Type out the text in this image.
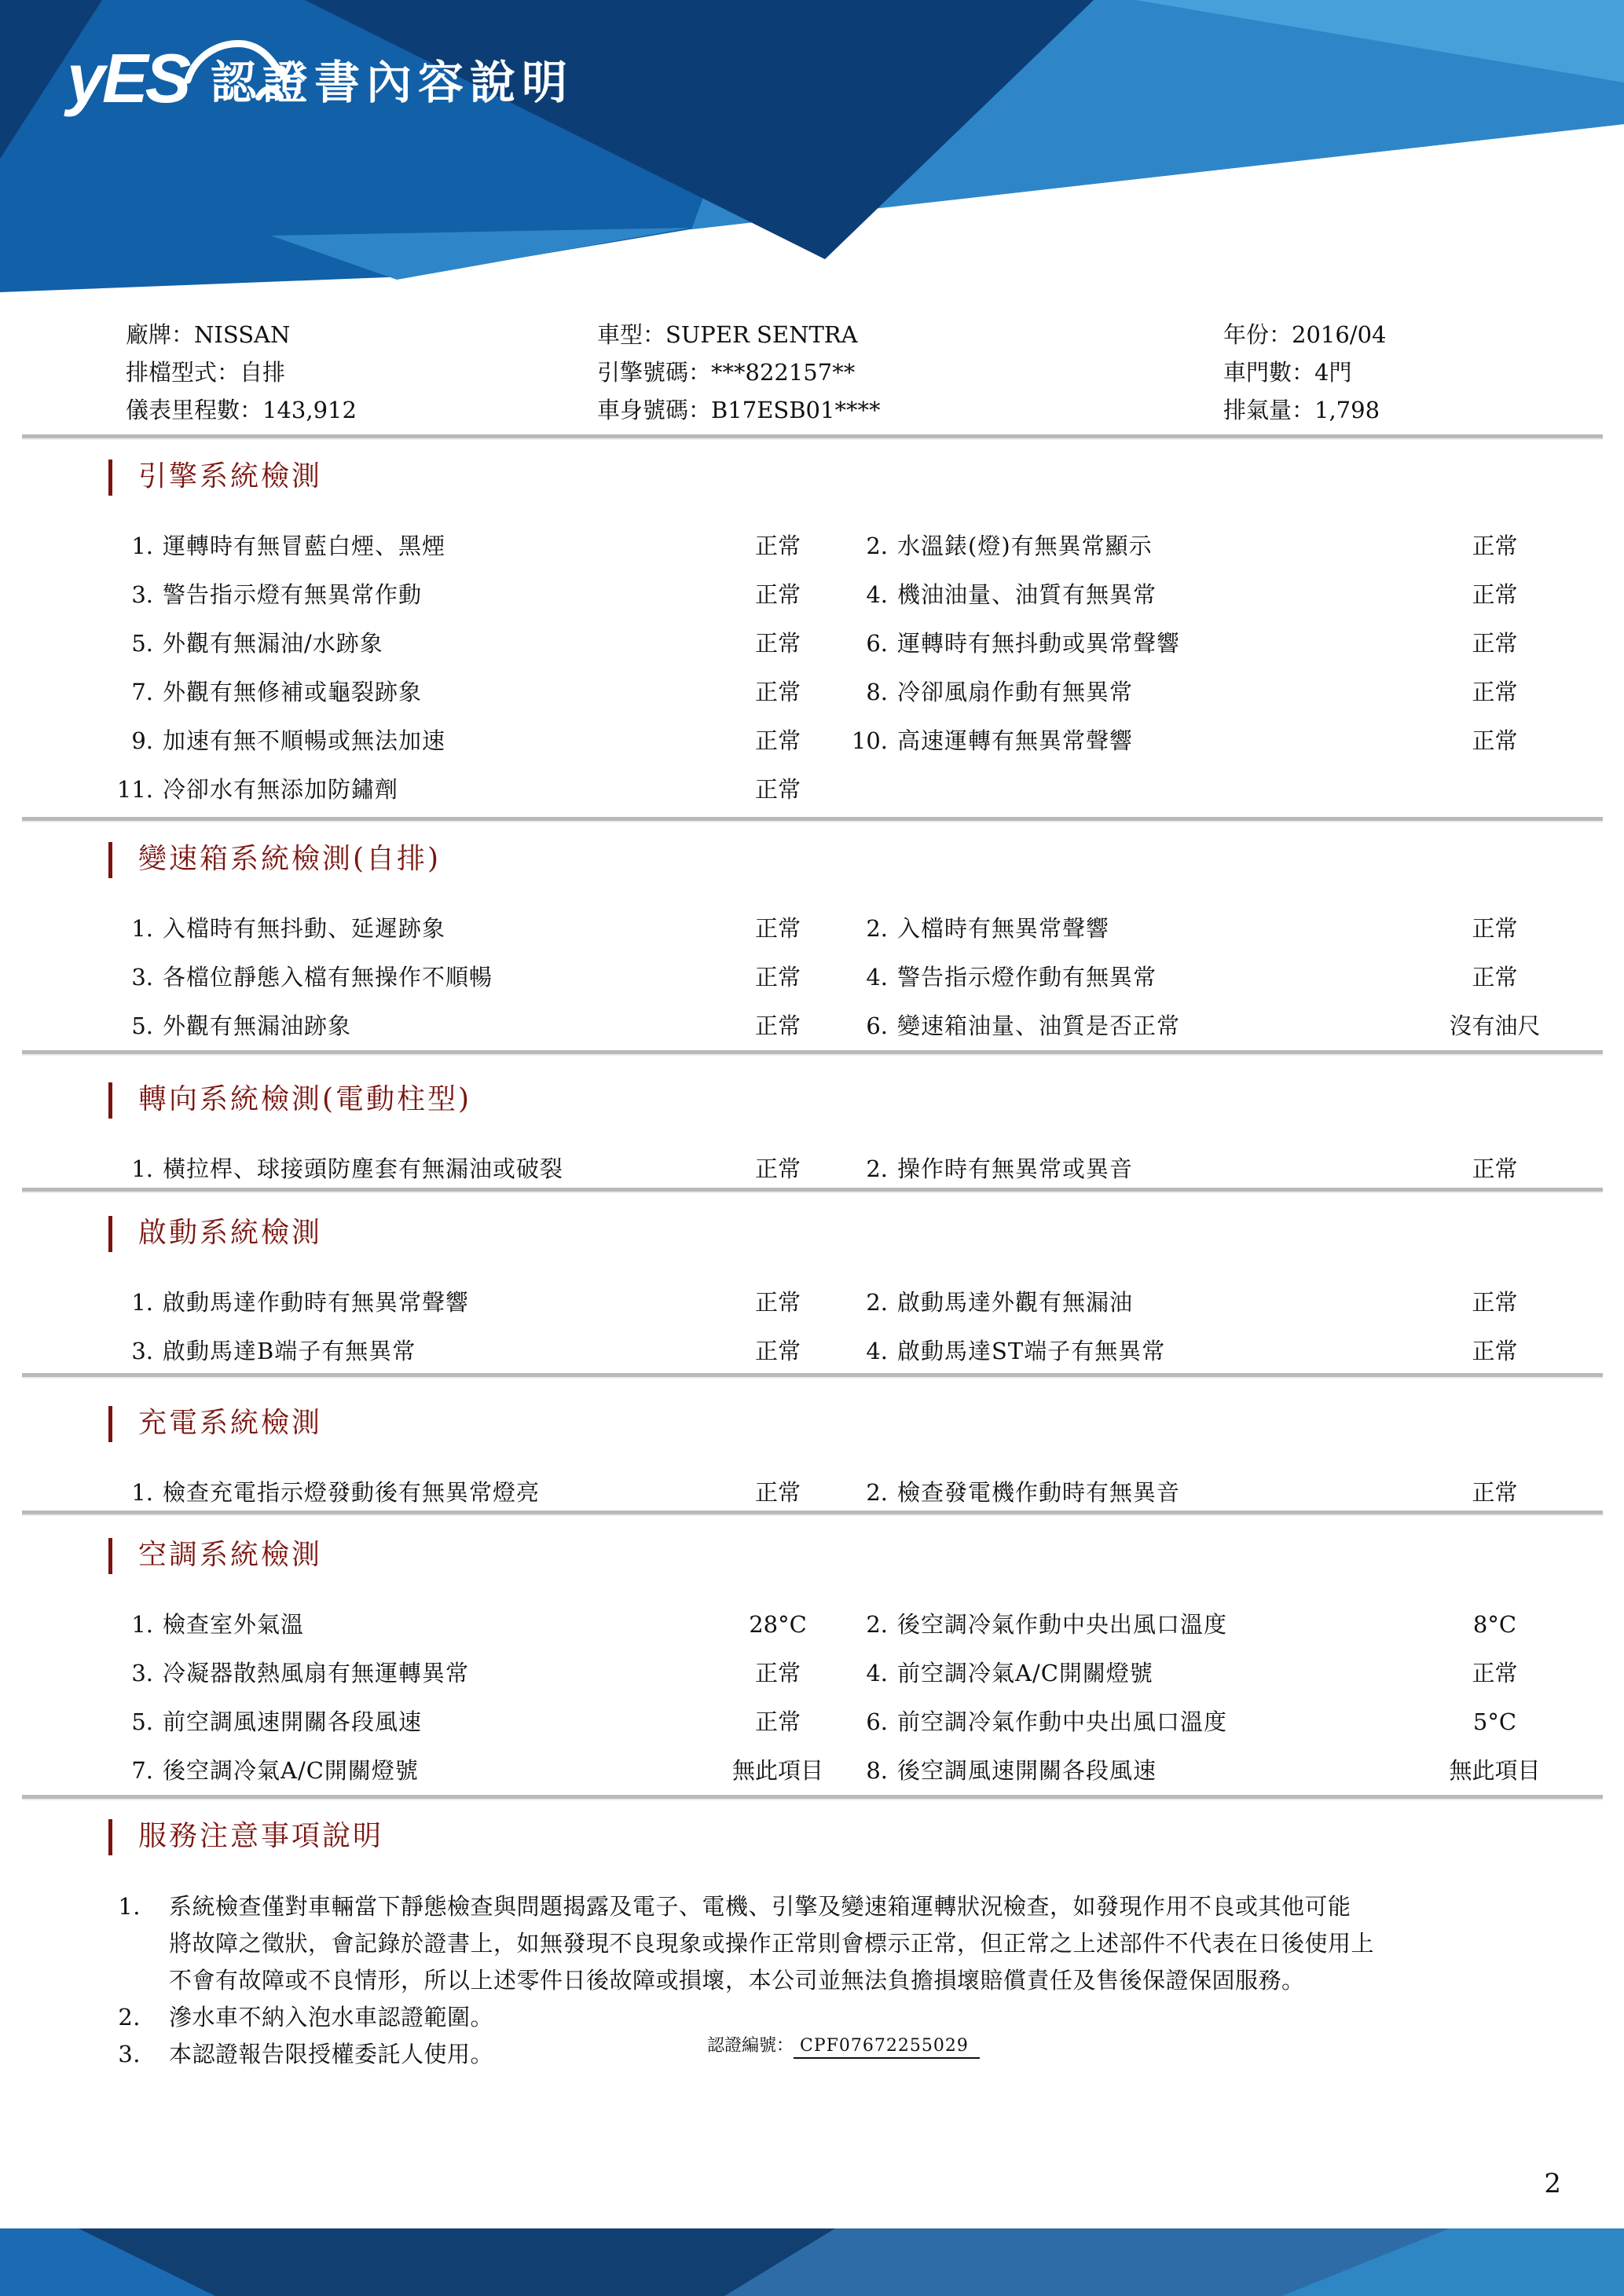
yES 認證書內容說明
廠牌：NISSAN
排檔型式：自排
儀表里程數：143,912
車型：SUPER SENTRA
引擎號碼：***822157**
車身號碼：B17ESB01****
年份：2016/04
車門數：4門
排氣量：1,798
引擎系統檢測
1. 運轉時有無冒藍白煙、黑煙	正常	2. 水溫錶(燈)有無異常顯示	正常
3. 警告指示燈有無異常作動	正常	4. 機油油量、油質有無異常	正常
5. 外觀有無漏油/水跡象	正常	6. 運轉時有無抖動或異常聲響	正常
7. 外觀有無修補或龜裂跡象	正常	8. 冷卻風扇作動有無異常	正常
9. 加速有無不順暢或無法加速	正常	10. 高速運轉有無異常聲響	正常
11. 冷卻水有無添加防鏽劑	正常
變速箱系統檢測(自排)
1. 入檔時有無抖動、延遲跡象	正常	2. 入檔時有無異常聲響	正常
3. 各檔位靜態入檔有無操作不順暢	正常	4. 警告指示燈作動有無異常	正常
5. 外觀有無漏油跡象	正常	6. 變速箱油量、油質是否正常	沒有油尺
轉向系統檢測(電動柱型)
1. 橫拉桿、球接頭防塵套有無漏油或破裂	正常	2. 操作時有無異常或異音	正常
啟動系統檢測
1. 啟動馬達作動時有無異常聲響	正常	2. 啟動馬達外觀有無漏油	正常
3. 啟動馬達B端子有無異常	正常	4. 啟動馬達ST端子有無異常	正常
充電系統檢測
1. 檢查充電指示燈發動後有無異常燈亮	正常	2. 檢查發電機作動時有無異音	正常
空調系統檢測
1. 檢查室外氣溫	28°C	2. 後空調冷氣作動中央出風口溫度	8°C
3. 冷凝器散熱風扇有無運轉異常	正常	4. 前空調冷氣A/C開關燈號	正常
5. 前空調風速開關各段風速	正常	6. 前空調冷氣作動中央出風口溫度	5°C
7. 後空調冷氣A/C開關燈號	無此項目	8. 後空調風速開關各段風速	無此項目
服務注意事項說明
1. 系統檢查僅對車輛當下靜態檢查與問題揭露及電子、電機、引擎及變速箱運轉狀況檢查，如發現作用不良或其他可能
將故障之徵狀，會記錄於證書上，如無發現不良現象或操作正常則會標示正常，但正常之上述部件不代表在日後使用上
不會有故障或不良情形，所以上述零件日後故障或損壞，本公司並無法負擔損壞賠償責任及售後保證保固服務。
2. 滲水車不納入泡水車認證範圍。
3. 本認證報告限授權委託人使用。	認證編號： CPF07672255029
2
